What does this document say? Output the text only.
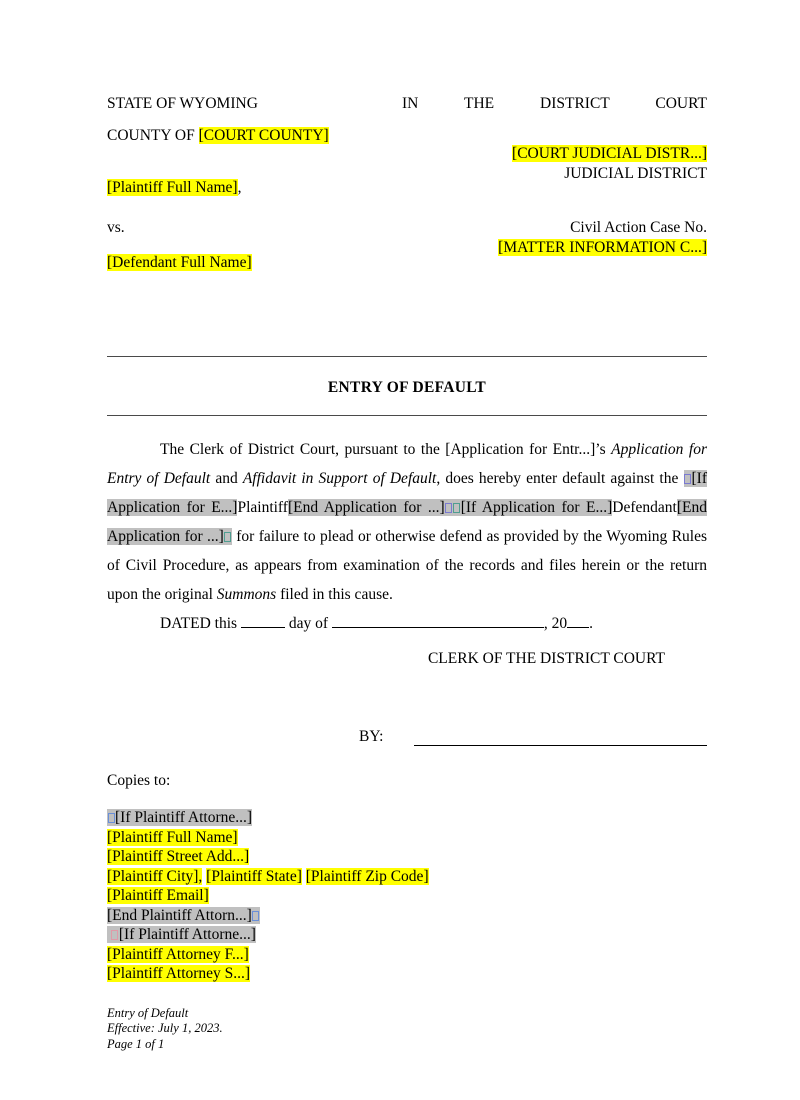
STATE OF WYOMING	IN THE DISTRICT COURT
COUNTY OF [COURT COUNTY]
[COURT JUDICIAL DISTR...]
JUDICIAL DISTRICT
[Plaintiff Full Name],
vs.	Civil Action Case No.
[MATTER INFORMATION C...]
[Defendant Full Name]
ENTRY OF DEFAULT
The Clerk of District Court, pursuant to the [Application for Entr...]’s Application for Entry of Default and Affidavit in Support of Default, does hereby enter default against the [If Application for E...]Plaintiff[End Application for ...] [If Application for E...]Defendant[End Application for ...] for failure to plead or otherwise defend as provided by the Wyoming Rules of Civil Procedure, as appears from examination of the records and files herein or the return upon the original Summons filed in this cause.
DATED this	day of	, 20 .
CLERK OF THE DISTRICT COURT
BY:
Copies to:
[If Plaintiff Attorne...]
[Plaintiff Full Name]
[Plaintiff Street Add...]
[Plaintiff City], [Plaintiff State] [Plaintiff Zip Code]
[Plaintiff Email]
[End Plaintiff Attorn...]
[If Plaintiff Attorne...]
[Plaintiff Attorney F...]
[Plaintiff Attorney S...]
Entry of Default
Effective: July 1, 2023.
Page 1 of 1
